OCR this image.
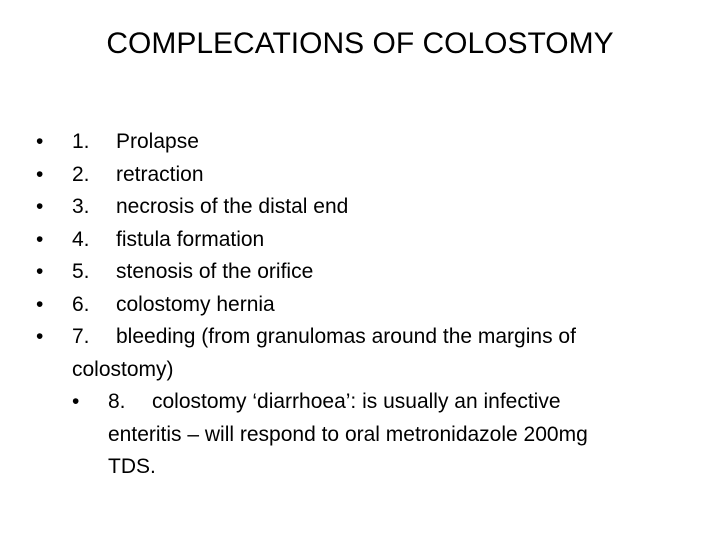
COMPLECATIONS OF COLOSTOMY
•	1. Prolapse
•	2. retraction
•	3. necrosis of the distal end
•	4. fistula formation
•	5. stenosis of the orifice
•	6. colostomy hernia
•	7. bleeding (from granulomas around the margins of
colostomy)
•	8. colostomy ‘diarrhoea’: is usually an infective
enteritis – will respond to oral metronidazole 200mg
TDS.
